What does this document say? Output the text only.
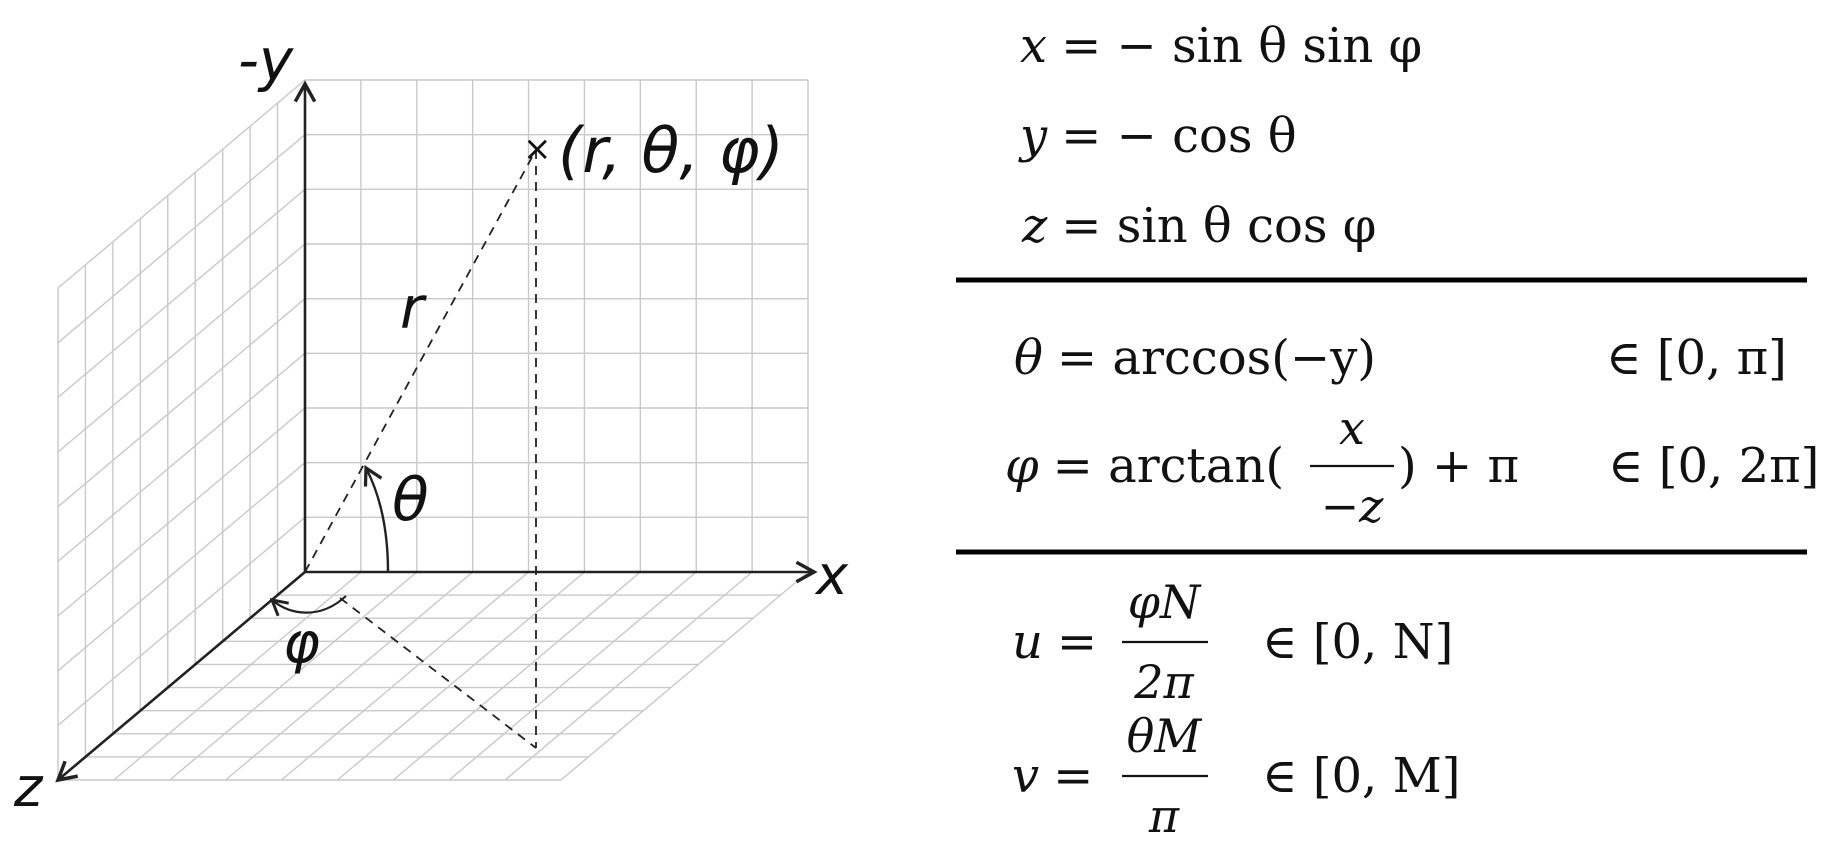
-y
x
z
× (r, θ, φ)
r
θ
φ
x = − sin θ sin φ
y = − cos θ
z = sin θ cos φ
θ = arccos(−y)	∈ [0, π]
φ = arctan(
x
−z
) + π ∈ [0, 2π]
u =
φN
2π
∈ [0, N]
v =
θM
π
∈ [0, M]
